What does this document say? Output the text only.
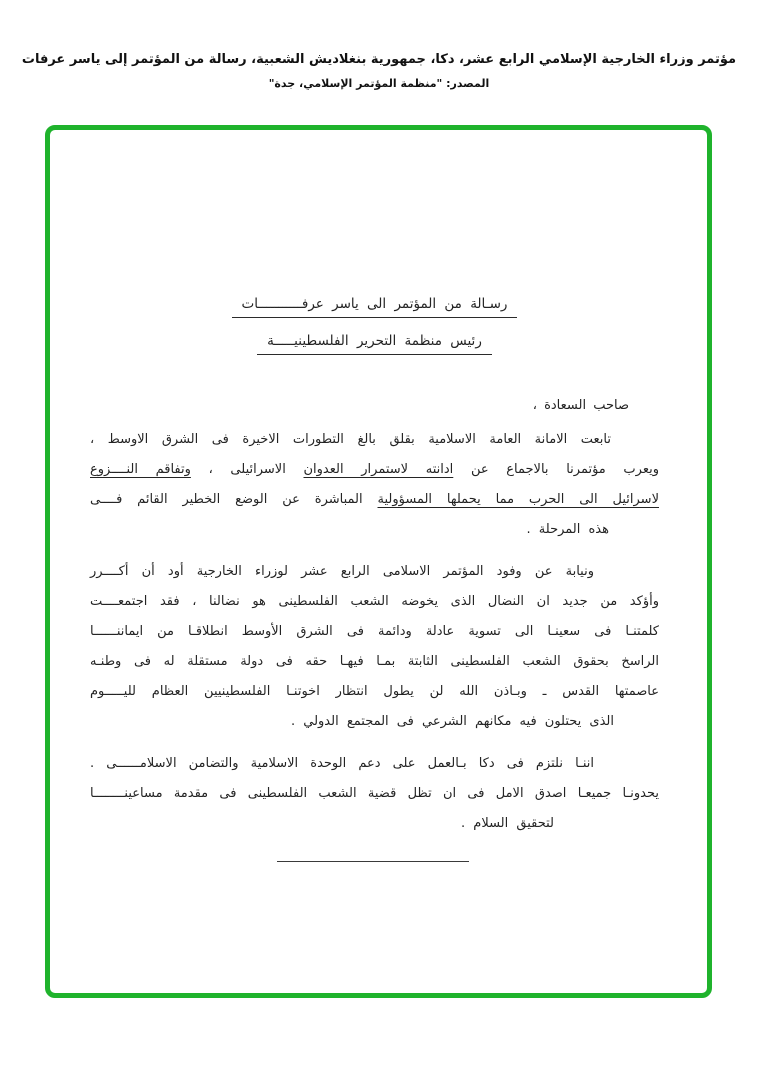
مؤتمر وزراء الخارجية الإسلامي الرابع عشر، دكا، جمهورية بنغلاديش الشعبية، رسالة من المؤتمر إلى ياسر عرفات
المصدر: "منظمة المؤتمر الإسلامي، جدة"
رسـالة من المؤتمر الى ياسر عرفـــــــــــات
رئيس منظمة التحرير الفلسطينيـــــة
صاحب السعادة ،
تابعت الامانة العامة الاسلامية بقلق بالغ التطورات الاخيرة فى الشرق الاوسط ،
ويعرب مؤتمرنا بالاجماع عن ادانته لاستمرار العدوان الاسرائيلى ، وتفاقم النــــزوع
لاسرائيل الى الحرب مما يحملها المسؤولية المباشرة عن الوضع الخطير القائم فــــى
هذه المرحلة .
ونيابة عن وفود المؤتمر الاسلامى الرابع عشر لوزراء الخارجية أود أن أكــــرر
وأؤكد من جديد ان النضال الذى يخوضه الشعب الفلسطينى هو نضالنا ، فقد اجتمعــــت
كلمتنـا فى سعينـا الى تسوية عادلة ودائمة فى الشرق الأوسط انطلاقـا من ايماننــــــا
الراسخ بحقوق الشعب الفلسطينى الثابتة بمـا فيهـا حقه فى دولة مستقلة له فى وطنـه
عاصمتها القدس ـ وبـاذن الله لن يطول انتظار اخوتنـا الفلسطينيين العظام لليـــــوم
الذى يحتلون فيه مكانهم الشرعي فى المجتمع الدولي .
اننـا نلتزم فى دكا بـالعمل على دعم الوحدة الاسلامية والتضامن الاسلامــــــى .
يحدونـا جميعـا اصدق الامل فى ان تظل قضية الشعب الفلسطينى فى مقدمة مساعينــــــــا
لتحقيق السلام .
